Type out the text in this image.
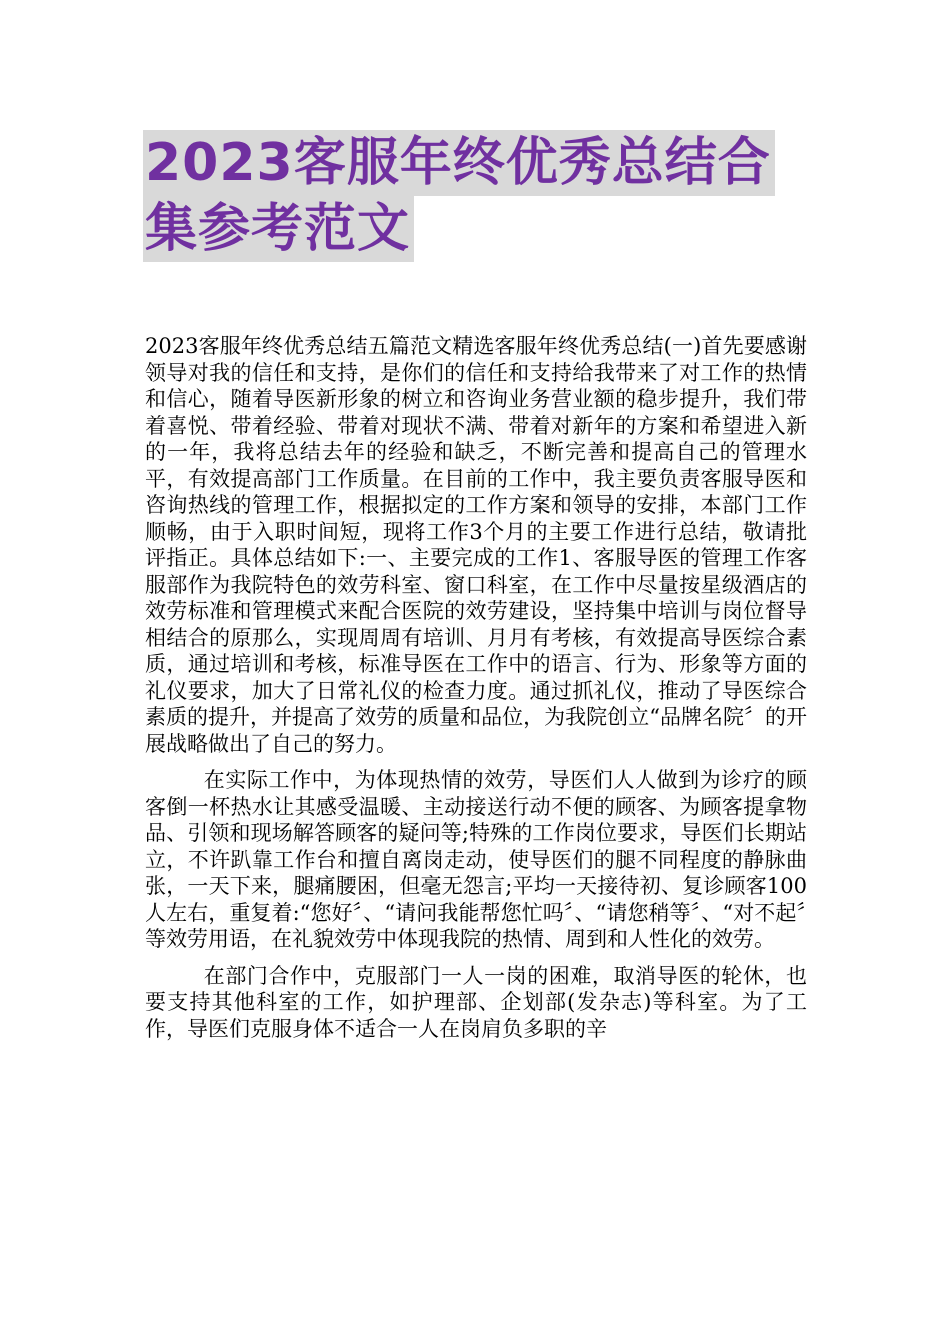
2023客服年终优秀总结合
集参考范文

2023客服年终优秀总结五篇范文精选客服年终优秀总结(一)首先要感谢领导对我的信任和支持，是你们的信任和支持给我带来了对工作的热情和信心，随着导医新形象的树立和咨询业务营业额的稳步提升，我们带着喜悦、带着经验、带着对现状不满、带着对新年的方案和希望进入新的一年，我将总结去年的经验和缺乏，不断完善和提高自己的管理水平，有效提高部门工作质量。在目前的工作中，我主要负责客服导医和咨询热线的管理工作，根据拟定的工作方案和领导的安排，本部门工作顺畅，由于入职时间短，现将工作3个月的主要工作进行总结，敬请批评指正。具体总结如下:一、主要完成的工作1、客服导医的管理工作客服部作为我院特色的效劳科室、窗口科室，在工作中尽量按星级酒店的效劳标准和管理模式来配合医院的效劳建设，坚持集中培训与岗位督导相结合的原那么，实现周周有培训、月月有考核，有效提高导医综合素质，通过培训和考核，标准导医在工作中的语言、行为、形象等方面的礼仪要求，加大了日常礼仪的检查力度。通过抓礼仪，推动了导医综合素质的提升，并提高了效劳的质量和品位，为我院创立“品牌名院〞的开展战略做出了自己的努力。

在实际工作中，为体现热情的效劳，导医们人人做到为诊疗的顾客倒一杯热水让其感受温暖、主动接送行动不便的顾客、为顾客提拿物品、引领和现场解答顾客的疑问等;特殊的工作岗位要求，导医们长期站立，不许趴靠工作台和擅自离岗走动，使导医们的腿不同程度的静脉曲张，一天下来，腿痛腰困，但毫无怨言;平均一天接待初、复诊顾客100人左右，重复着:“您好〞、“请问我能帮您忙吗〞、“请您稍等〞、“对不起〞等效劳用语，在礼貌效劳中体现我院的热情、周到和人性化的效劳。

在部门合作中，克服部门一人一岗的困难，取消导医的轮休，也要支持其他科室的工作，如护理部、企划部(发杂志)等科室。为了工作，导医们克服身体不适合一人在岗肩负多职的辛
